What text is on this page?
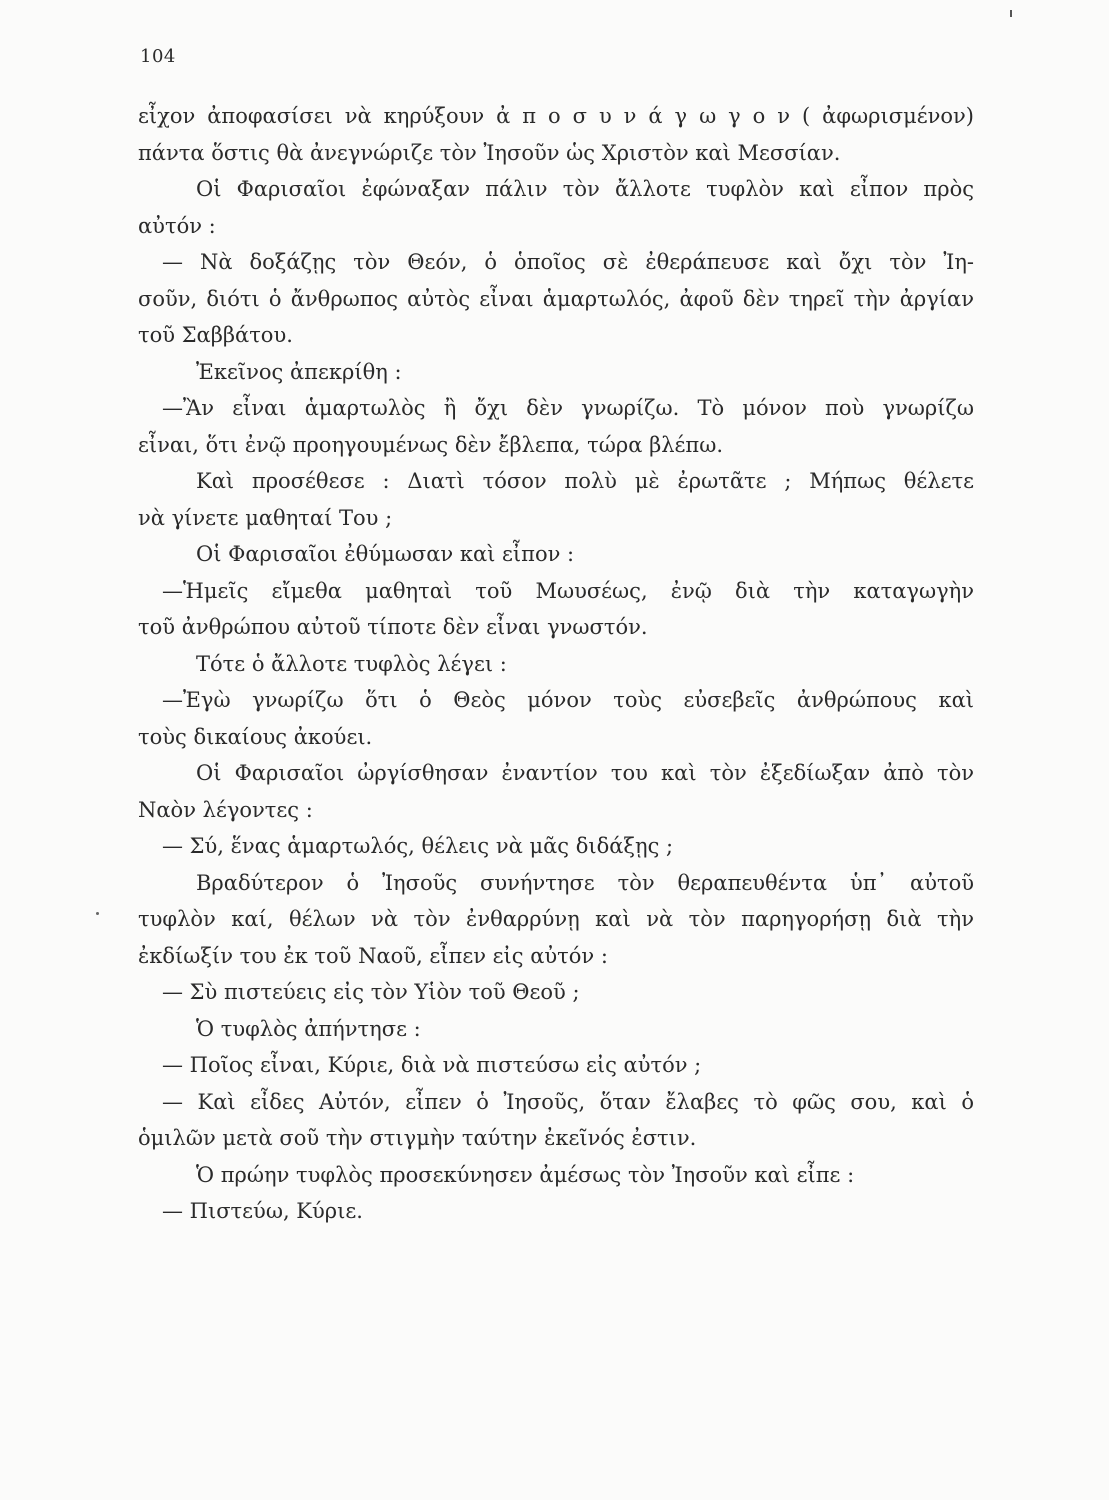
104
εἶχον ἀποφασίσει νὰ κηρύξουν ἀ π ο σ υ ν ά γ ω γ ο ν ( ἀφωρισμένον)
πάντα ὅστις θὰ ἀνεγνώριζε τὸν Ἰησοῦν ὡς Χριστὸν καὶ Μεσσίαν.
Οἱ Φαρισαῖοι ἐφώναξαν πάλιν τὸν ἄλλοτε τυφλὸν καὶ εἶπον πρὸς
αὐτόν :
— Νὰ δοξάζῃς τὸν Θεόν, ὁ ὁποῖος σὲ ἐθεράπευσε καὶ ὄχι τὸν Ἰη-
σοῦν, διότι ὁ ἄνθρωπος αὐτὸς εἶναι ἁμαρτωλός, ἀφοῦ δὲν τηρεῖ τὴν ἀργίαν
τοῦ Σαββάτου.
Ἐκεῖνος ἀπεκρίθη :
—Ἂν εἶναι ἁμαρτωλὸς ἢ ὄχι δὲν γνωρίζω. Τὸ μόνον ποὺ γνωρίζω
εἶναι, ὅτι ἐνῷ προηγουμένως δὲν ἔβλεπα, τώρα βλέπω.
Καὶ προσέθεσε : Διατὶ τόσον πολὺ μὲ ἐρωτᾶτε ; Μήπως θέλετε
νὰ γίνετε μαθηταί Του ;
Οἱ Φαρισαῖοι ἐθύμωσαν καὶ εἶπον :
—Ἡμεῖς εἴμεθα μαθηταὶ τοῦ Μωυσέως, ἐνῷ διὰ τὴν καταγωγὴν
τοῦ ἀνθρώπου αὐτοῦ τίποτε δὲν εἶναι γνωστόν.
Τότε ὁ ἄλλοτε τυφλὸς λέγει :
—Ἐγὼ γνωρίζω ὅτι ὁ Θεὸς μόνον τοὺς εὐσεβεῖς ἀνθρώπους καὶ
τοὺς δικαίους ἀκούει.
Οἱ Φαρισαῖοι ὠργίσθησαν ἐναντίον του καὶ τὸν ἐξεδίωξαν ἀπὸ τὸν
Ναὸν λέγοντες :
— Σύ, ἕνας ἁμαρτωλός, θέλεις νὰ μᾶς διδάξῃς ;
Βραδύτερον ὁ Ἰησοῦς συνήντησε τὸν θεραπευθέντα ὑπ᾽ αὐτοῦ
τυφλὸν καί, θέλων νὰ τὸν ἐνθαρρύνῃ καὶ νὰ τὸν παρηγορήσῃ διὰ τὴν
ἐκδίωξίν του ἐκ τοῦ Ναοῦ, εἶπεν εἰς αὐτόν :
— Σὺ πιστεύεις εἰς τὸν Υἱὸν τοῦ Θεοῦ ;
Ὁ τυφλὸς ἀπήντησε :
— Ποῖος εἶναι, Κύριε, διὰ νὰ πιστεύσω εἰς αὐτόν ;
— Καὶ εἶδες Αὐτόν, εἶπεν ὁ Ἰησοῦς, ὅταν ἔλαβες τὸ φῶς σου, καὶ ὁ
ὁμιλῶν μετὰ σοῦ τὴν στιγμὴν ταύτην ἐκεῖνός ἐστιν.
Ὁ πρώην τυφλὸς προσεκύνησεν ἀμέσως τὸν Ἰησοῦν καὶ εἶπε :
— Πιστεύω, Κύριε.
